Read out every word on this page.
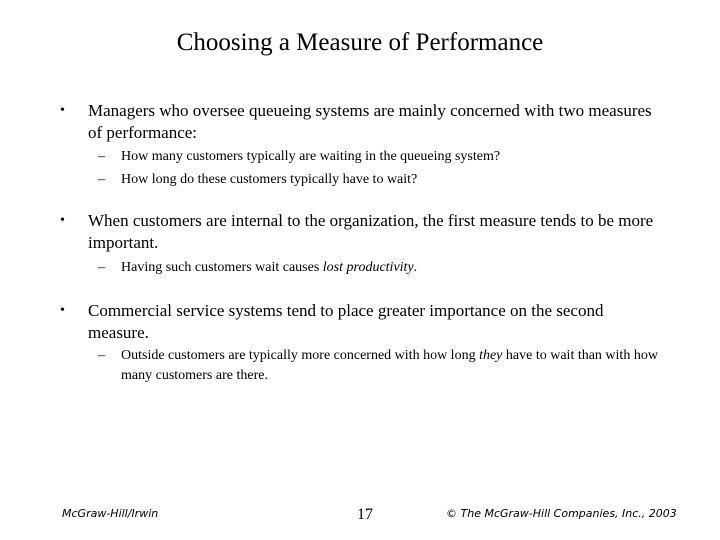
Choosing a Measure of Performance
• Managers who oversee queueing systems are mainly concerned with two measures of performance:
– How many customers typically are waiting in the queueing system?
– How long do these customers typically have to wait?
• When customers are internal to the organization, the first measure tends to be more important.
– Having such customers wait causes lost productivity.
• Commercial service systems tend to place greater importance on the second measure.
– Outside customers are typically more concerned with how long they have to wait than with how many customers are there.
McGraw-Hill/Irwin	17	© The McGraw-Hill Companies, Inc., 2003
